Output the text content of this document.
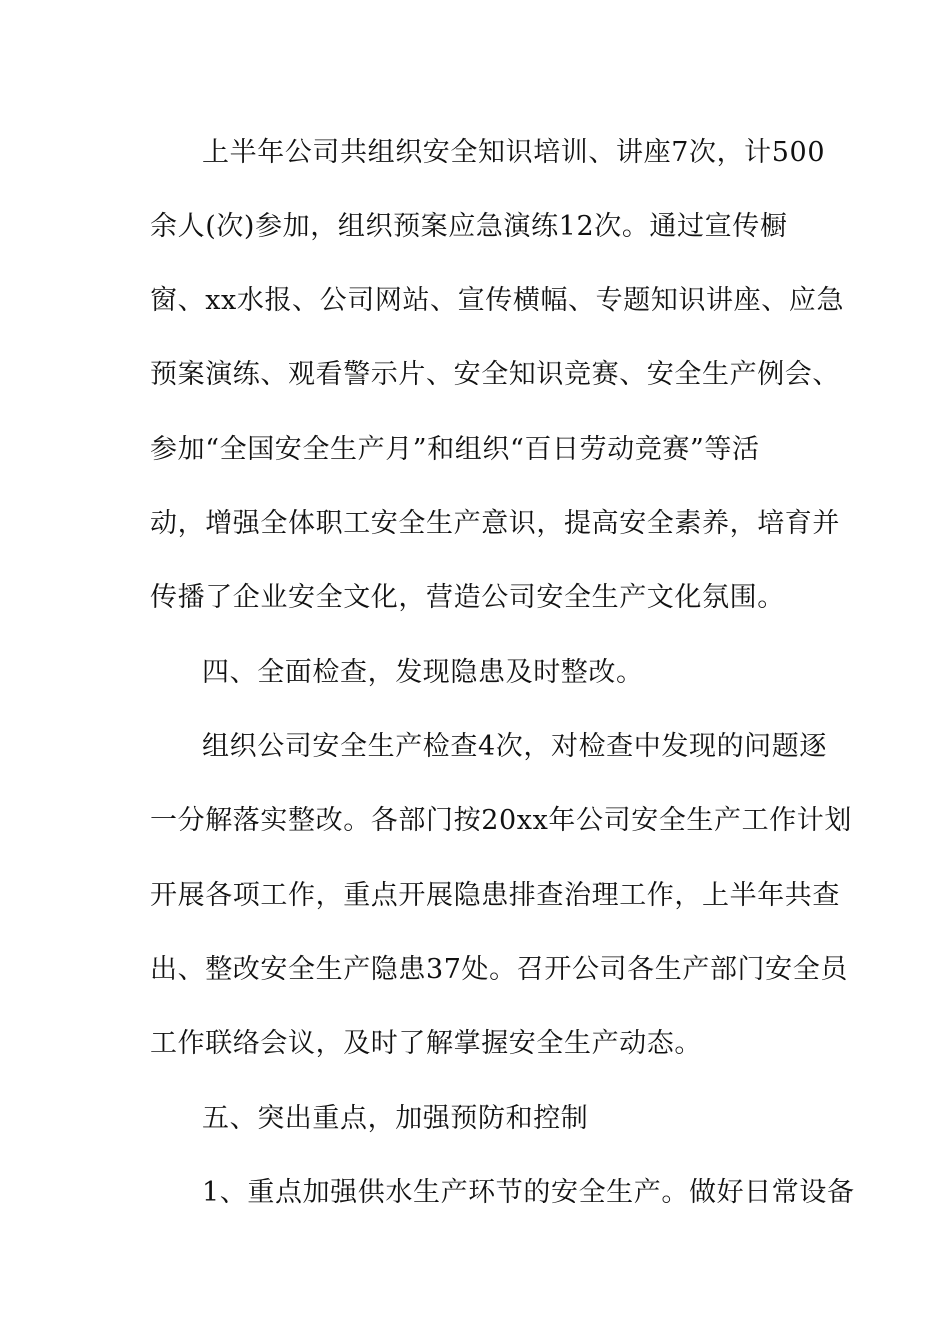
上半年公司共组织安全知识培训、讲座7次，计500
余人(次)参加，组织预案应急演练12次。通过宣传橱
窗、xx水报、公司网站、宣传横幅、专题知识讲座、应急
预案演练、观看警示片、安全知识竞赛、安全生产例会、
参加“全国安全生产月”和组织“百日劳动竞赛”等活
动，增强全体职工安全生产意识，提高安全素养，培育并
传播了企业安全文化，营造公司安全生产文化氛围。
四、全面检查，发现隐患及时整改。
组织公司安全生产检查4次，对检查中发现的问题逐
一分解落实整改。各部门按20xx年公司安全生产工作计划
开展各项工作，重点开展隐患排查治理工作，上半年共查
出、整改安全生产隐患37处。召开公司各生产部门安全员
工作联络会议，及时了解掌握安全生产动态。
五、突出重点，加强预防和控制
1、重点加强供水生产环节的安全生产。做好日常设备
